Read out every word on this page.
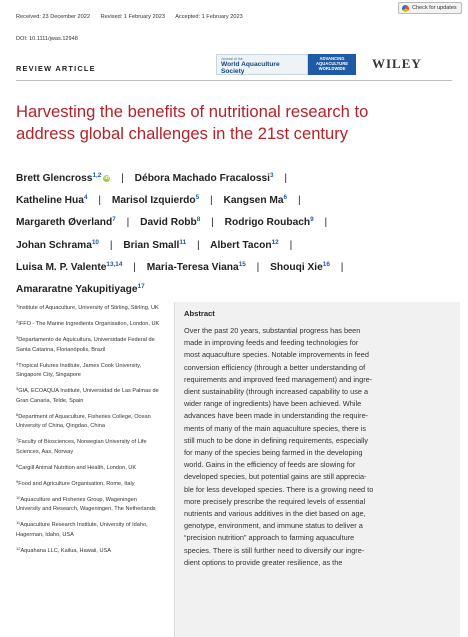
Check for updates
Received: 23 December 2022 Revised: 1 February 2023 Accepted: 1 February 2023
DOI: 10.1111/jwas.12948
REVIEW ARTICLE
Journal of the
World Aquaculture Society
ADVANCING AQUACULTURE WORLDWIDE	WILEY
Harvesting the benefits of nutritional research to
address global challenges in the 21st century
Brett Glencross$^{1,2}$ iD | Débora Machado Fracalossi$^3$ |
Katheline Hua$^4$ | Marisol Izquierdo$^5$ | Kangsen Ma$^6$ |
Margareth Øverland$^7$ | David Robb$^8$ | Rodrigo Roubach$^9$ |
Johan Schrama$^{10}$ | Brian Small$^{11}$ | Albert Tacon$^{12}$ |
Luisa M. P. Valente$^{13,14}$ | Maria-Teresa Viana$^{15}$ | Shouqi Xie$^{16}$ |
Amararatne Yakupitiyage$^{17}$
$^1$Institute of Aquaculture, University of Stirling, Stirling, UK
$^2$IFFO - The Marine Ingredients Organisation, London, UK
$^3$Departamento de Aquicultura, Universidade Federal de Santa Catarina, Florianópolis, Brazil
$^4$Tropical Futures Institute, James Cook University, Singapore City, Singapore
$^5$GIA, ECOAQUA Institute, Universidad de Las Palmas de Gran Canaria, Telde, Spain
$^6$Department of Aquaculture, Fisheries College, Ocean University of China, Qingdao, China
$^7$Faculty of Biosciences, Norwegian University of Life Sciences, Aas, Norway
$^8$Cargill Animal Nutrition and Health, London, UK
$^9$Food and Agriculture Organisation, Rome, Italy
$^{10}$Aquaculture and Fisheries Group, Wageningen University and Research, Wageningen, The Netherlands
$^{11}$Aquaculture Research Institute, University of Idaho, Hagerman, Idaho, USA
$^{12}$Aquahana LLC, Kailua, Hawaii, USA
Abstract
Over the past 20 years, substantial progress has been
made in improving feeds and feeding technologies for
most aquaculture species. Notable improvements in feed
conversion efficiency (through a better understanding of
requirements and improved feed management) and ingre-
dient sustainability (through increased capability to use a
wider range of ingredients) have been achieved. While
advances have been made in understanding the require-
ments of many of the main aquaculture species, there is
still much to be done in defining requirements, especially
for many of the species being farmed in the developing
world. Gains in the efficiency of feeds are slowing for
developed species, but potential gains are still apprecia-
ble for less developed species. There is a growing need to
more precisely prescribe the required levels of essential
nutrients and various additives in the diet based on age,
genotype, environment, and immune status to deliver a
“precision nutrition” approach to farming aquaculture
species. There is still further need to diversify our ingre-
dient options to provide greater resilience, as the
